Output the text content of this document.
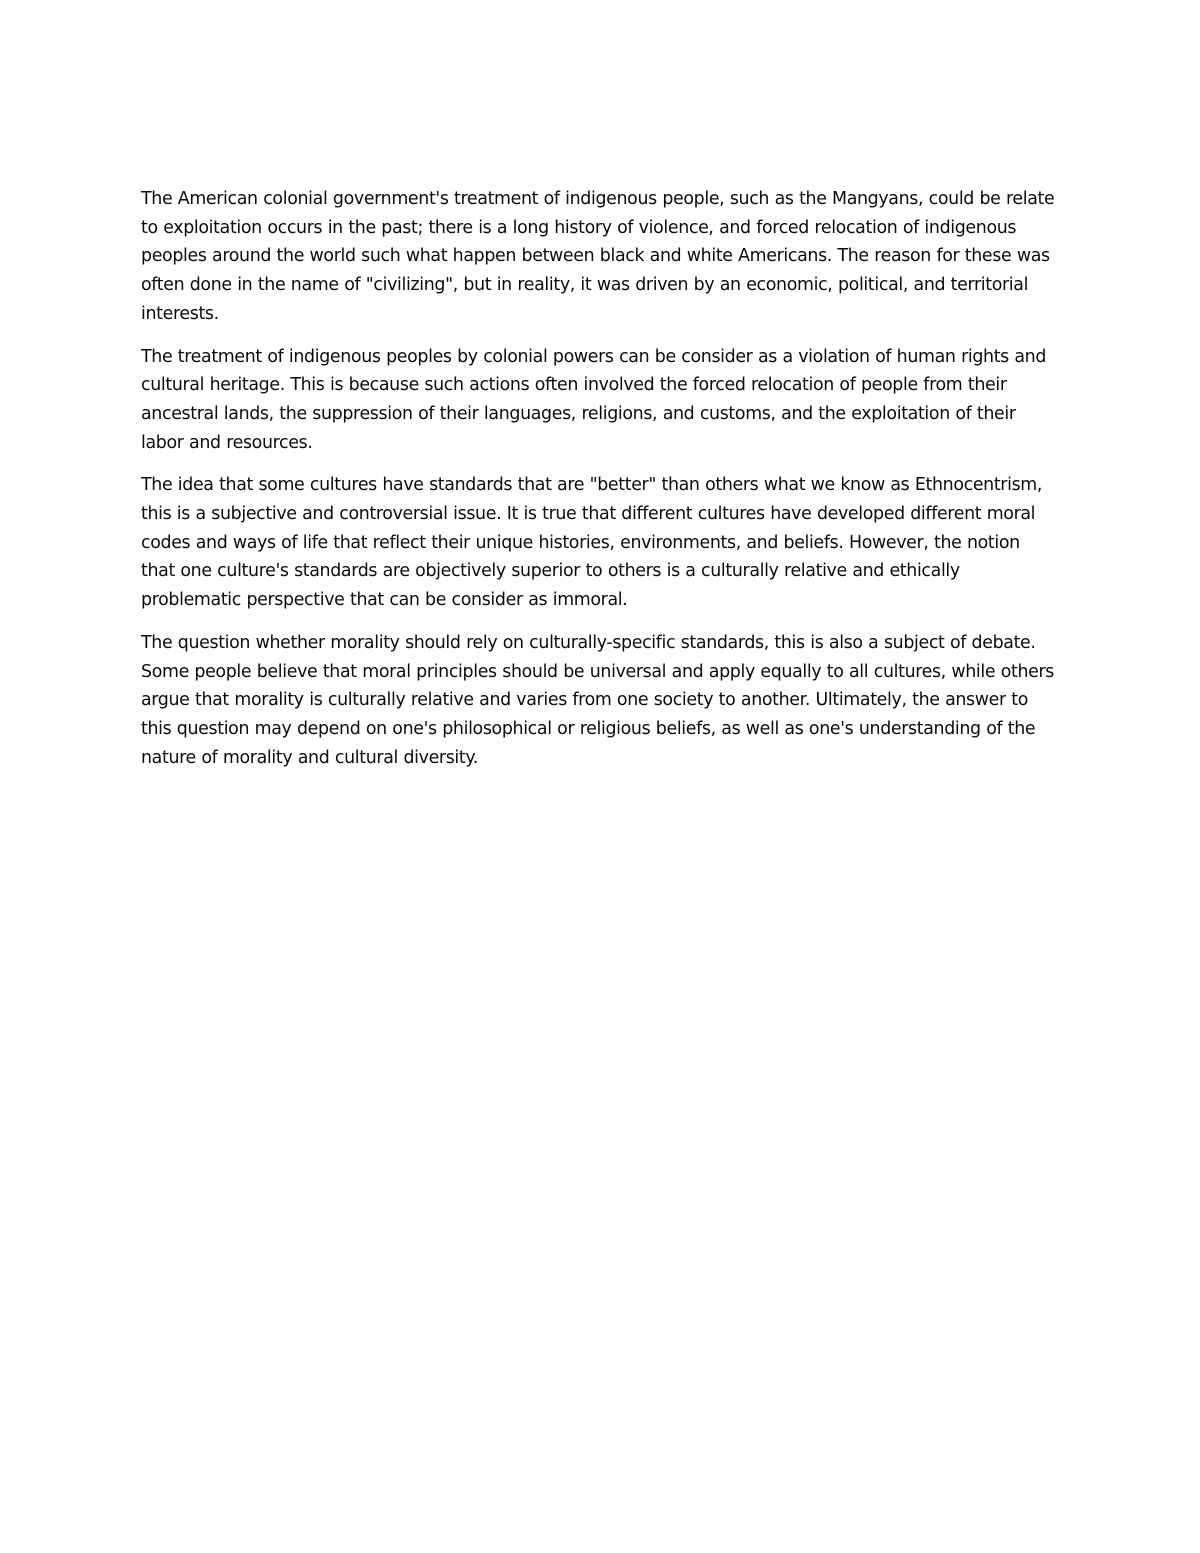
The American colonial government's treatment of indigenous people, such as the Mangyans, could be relate to exploitation occurs in the past; there is a long history of violence, and forced relocation of indigenous peoples around the world such what happen between black and white Americans. The reason for these was often done in the name of "civilizing", but in reality, it was driven by an economic, political, and territorial interests.

The treatment of indigenous peoples by colonial powers can be consider as a violation of human rights and cultural heritage. This is because such actions often involved the forced relocation of people from their ancestral lands, the suppression of their languages, religions, and customs, and the exploitation of their labor and resources.

The idea that some cultures have standards that are "better" than others what we know as Ethnocentrism, this is a subjective and controversial issue. It is true that different cultures have developed different moral codes and ways of life that reflect their unique histories, environments, and beliefs. However, the notion that one culture's standards are objectively superior to others is a culturally relative and ethically problematic perspective that can be consider as immoral.

The question whether morality should rely on culturally-specific standards, this is also a subject of debate. Some people believe that moral principles should be universal and apply equally to all cultures, while others argue that morality is culturally relative and varies from one society to another. Ultimately, the answer to this question may depend on one's philosophical or religious beliefs, as well as one's understanding of the nature of morality and cultural diversity.
